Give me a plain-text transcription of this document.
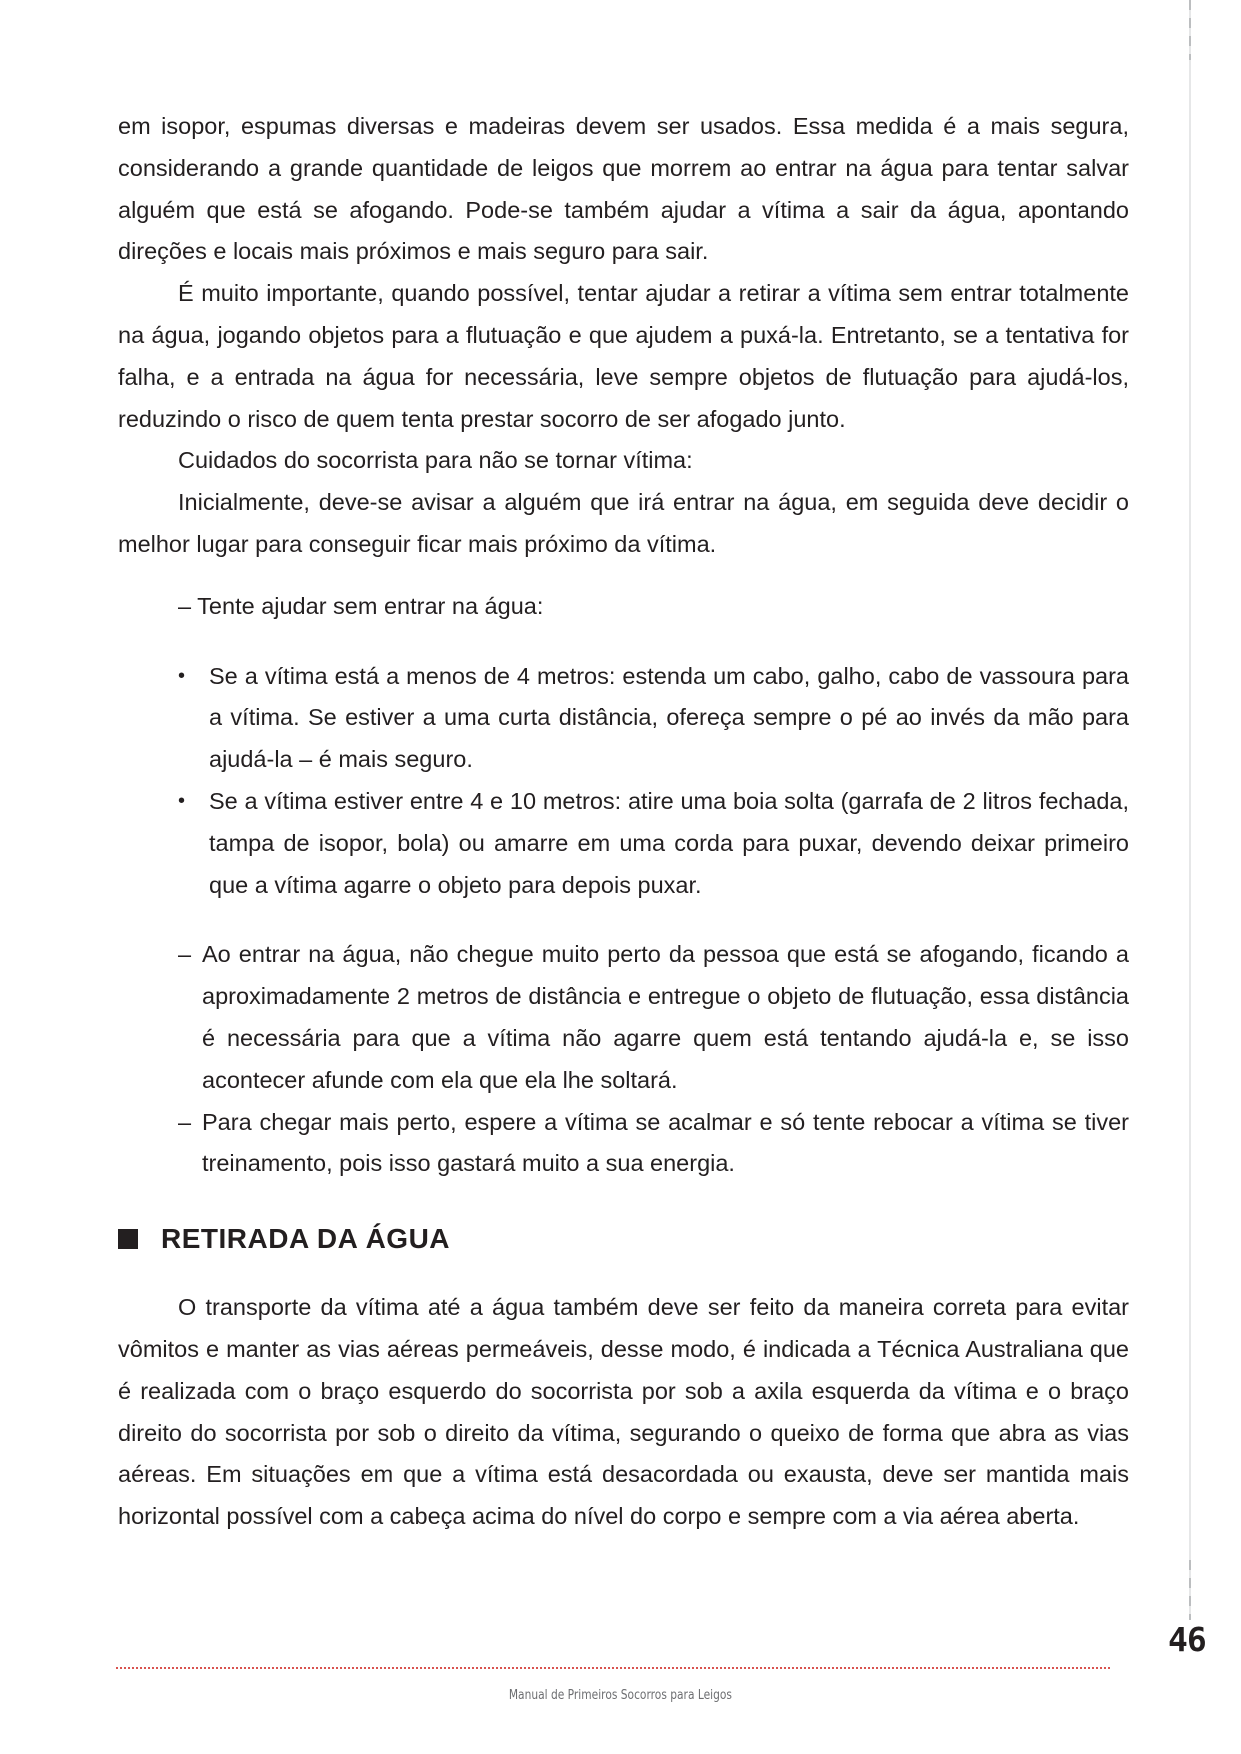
em isopor, espumas diversas e madeiras devem ser usados. Essa medida é a mais segura, considerando a grande quantidade de leigos que morrem ao entrar na água para tentar salvar alguém que está se afogando. Pode-se também ajudar a vítima a sair da água, apontando direções e locais mais próximos e mais seguro para sair.

É muito importante, quando possível, tentar ajudar a retirar a vítima sem entrar totalmente na água, jogando objetos para a flutuação e que ajudem a puxá-la. Entretanto, se a tentativa for falha, e a entrada na água for necessária, leve sempre objetos de flutuação para ajudá-los, reduzindo o risco de quem tenta prestar socorro de ser afogado junto.

Cuidados do socorrista para não se tornar vítima:

Inicialmente, deve-se avisar a alguém que irá entrar na água, em seguida deve decidir o melhor lugar para conseguir ficar mais próximo da vítima.

– Tente ajudar sem entrar na água:

• Se a vítima está a menos de 4 metros: estenda um cabo, galho, cabo de vassoura para a vítima. Se estiver a uma curta distância, ofereça sempre o pé ao invés da mão para ajudá-la – é mais seguro.
• Se a vítima estiver entre 4 e 10 metros: atire uma boia solta (garrafa de 2 litros fechada, tampa de isopor, bola) ou amarre em uma corda para puxar, devendo deixar primeiro que a vítima agarre o objeto para depois puxar.
– Ao entrar na água, não chegue muito perto da pessoa que está se afogando, ficando a aproximadamente 2 metros de distância e entregue o objeto de flutuação, essa distância é necessária para que a vítima não agarre quem está tentando ajudá-la e, se isso acontecer afunde com ela que ela lhe soltará.
– Para chegar mais perto, espere a vítima se acalmar e só tente rebocar a vítima se tiver treinamento, pois isso gastará muito a sua energia.
RETIRADA DA ÁGUA

O transporte da vítima até a água também deve ser feito da maneira correta para evitar vômitos e manter as vias aéreas permeáveis, desse modo, é indicada a Técnica Australiana que é realizada com o braço esquerdo do socorrista por sob a axila esquerda da vítima e o braço direito do socorrista por sob o direito da vítima, segurando o queixo de forma que abra as vias aéreas. Em situações em que a vítima está desacordada ou exausta, deve ser mantida mais horizontal possível com a cabeça acima do nível do corpo e sempre com a via aérea aberta.

46
Manual de Primeiros Socorros para Leigos
